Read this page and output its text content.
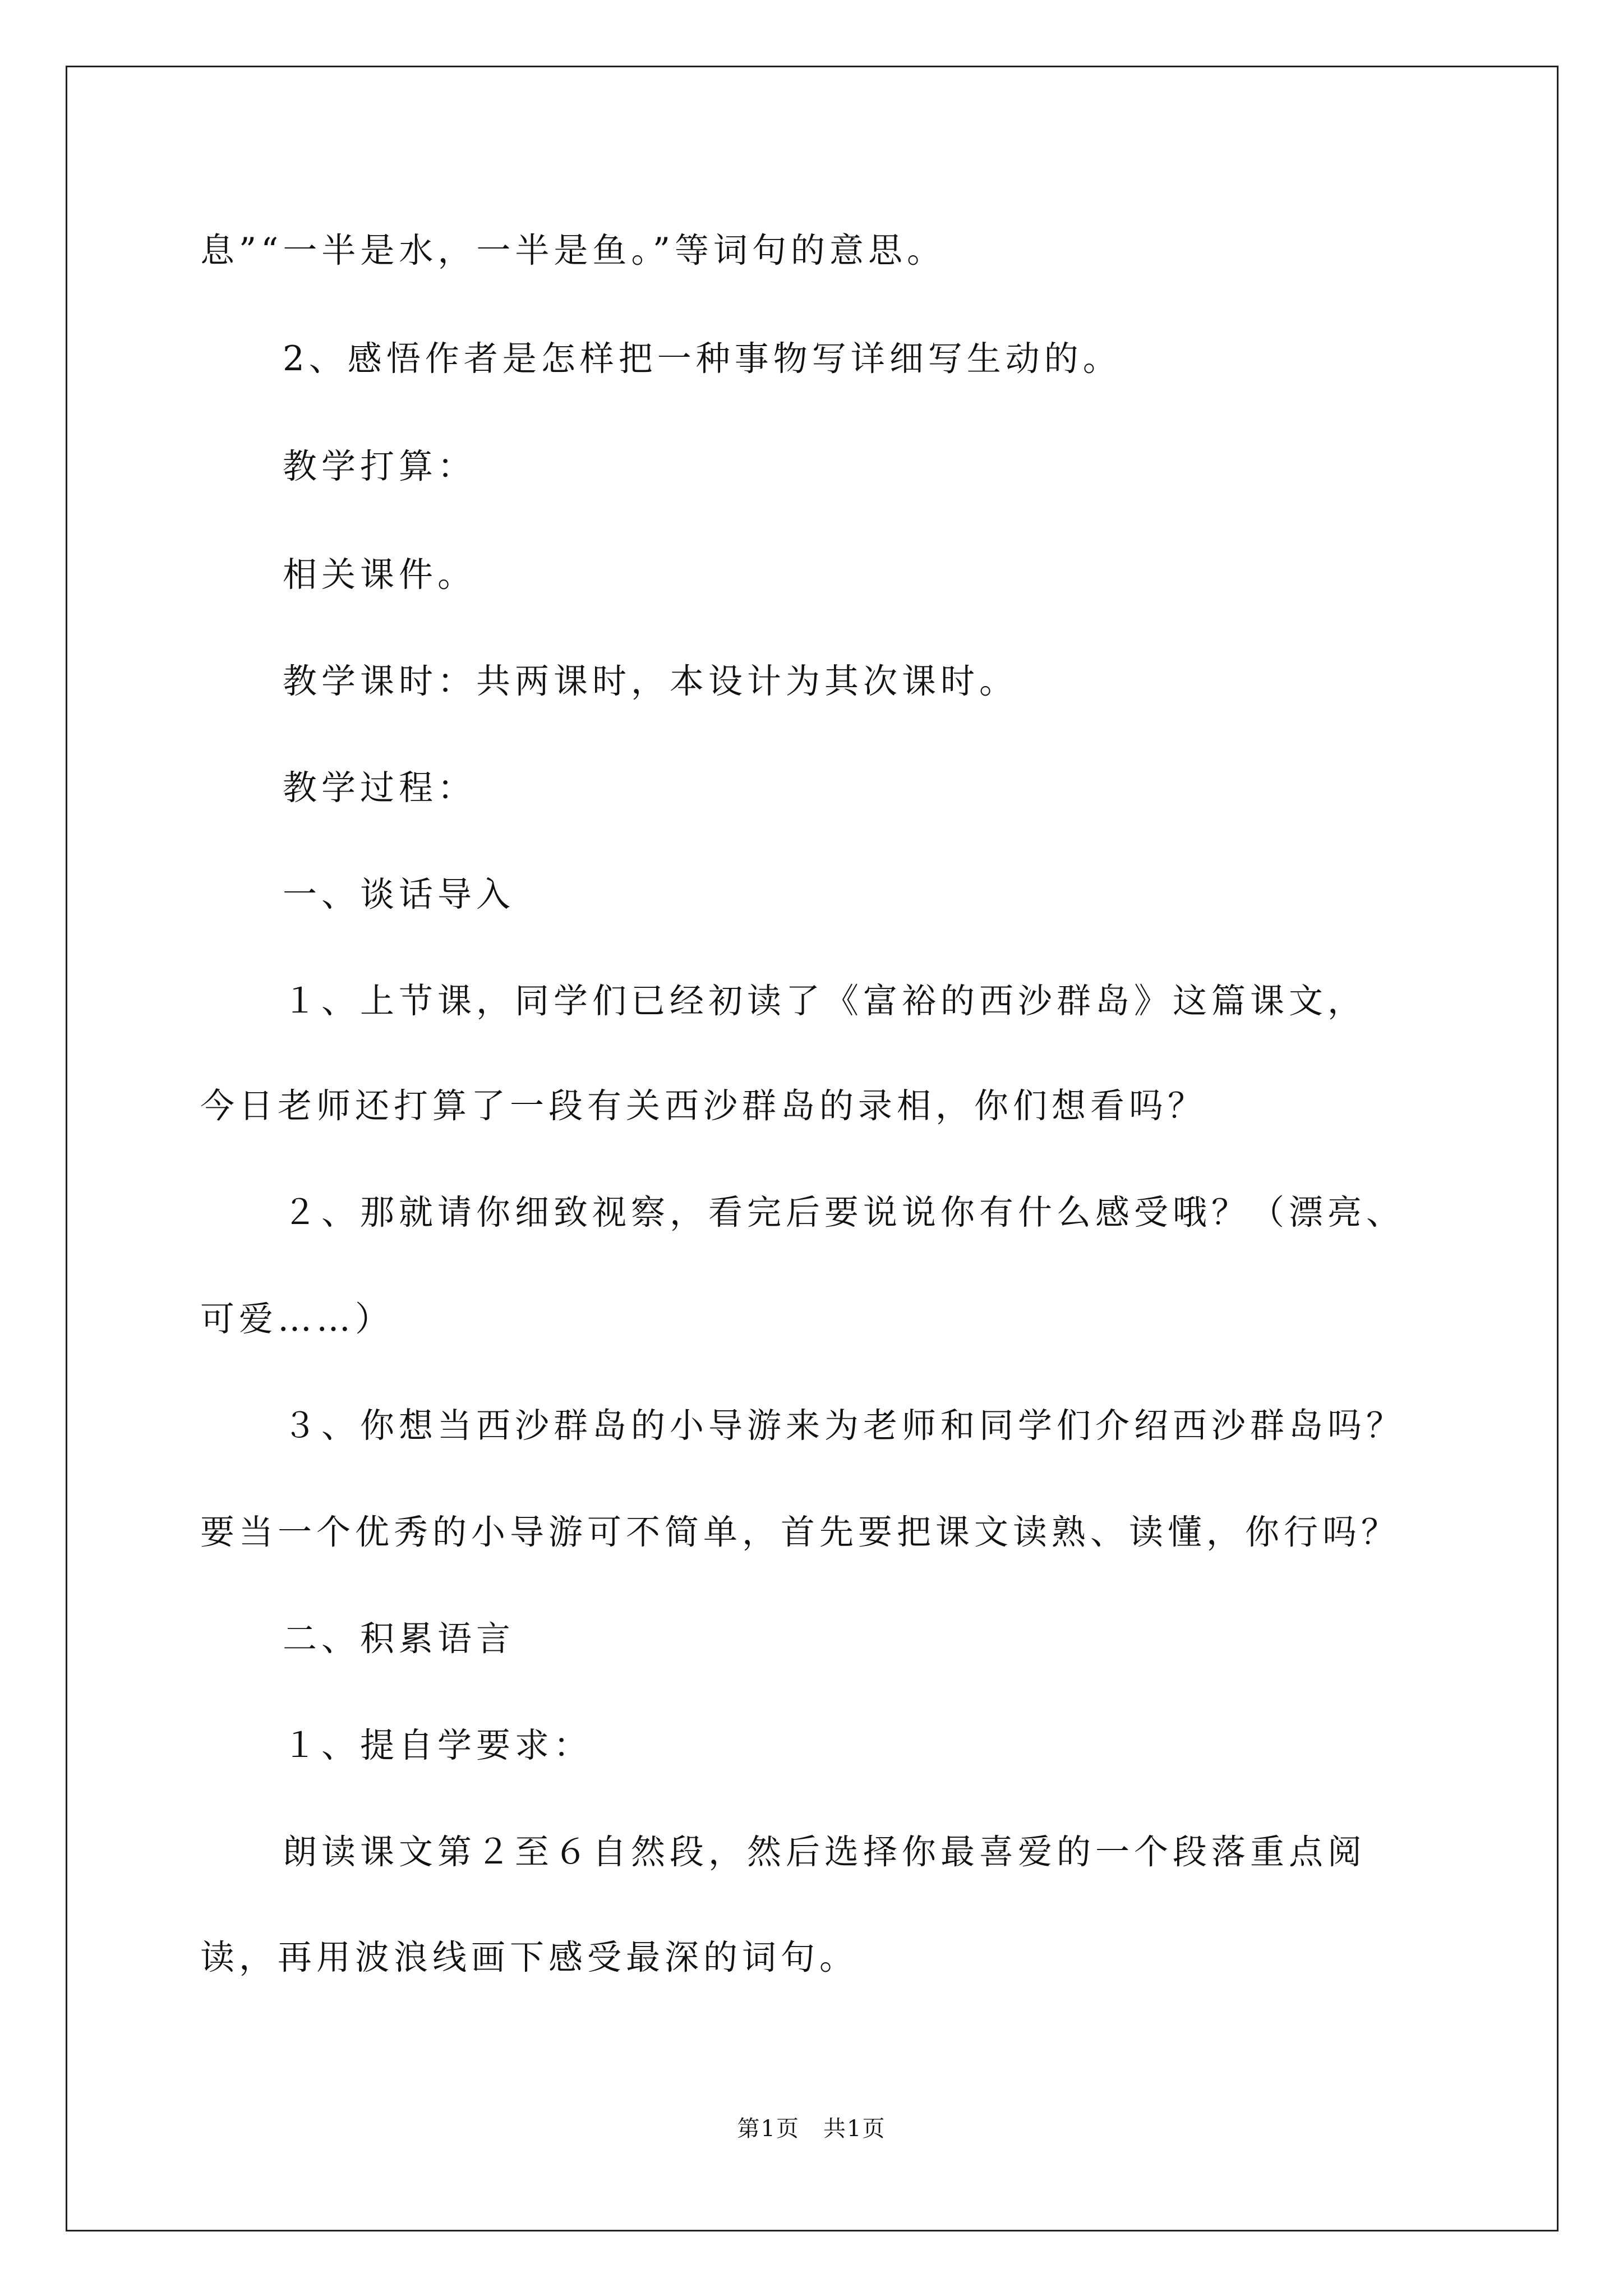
息”“一半是水，一半是鱼。”等词句的意思。
2、感悟作者是怎样把一种事物写详细写生动的。
教学打算：
相关课件。
教学课时：共两课时，本设计为其次课时。
教学过程：
一、谈话导入
１、上节课，同学们已经初读了《富裕的西沙群岛》这篇课文，
今日老师还打算了一段有关西沙群岛的录相，你们想看吗？
２、那就请你细致视察，看完后要说说你有什么感受哦？（漂亮、
可爱……）
３、你想当西沙群岛的小导游来为老师和同学们介绍西沙群岛吗？
要当一个优秀的小导游可不简单，首先要把课文读熟、读懂，你行吗？
二、积累语言
１、提自学要求：
朗读课文第２至６自然段，然后选择你最喜爱的一个段落重点阅
读，再用波浪线画下感受最深的词句。
第1页　共1页
